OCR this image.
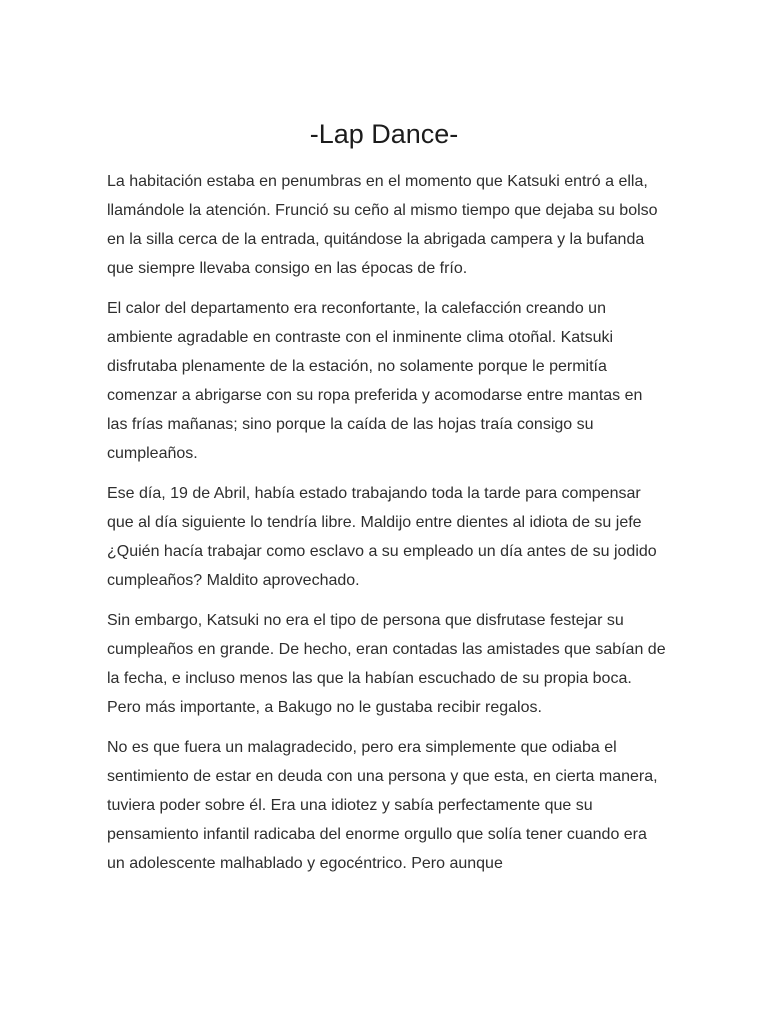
-Lap Dance-

La habitación estaba en penumbras en el momento que Katsuki entró a ella, llamándole la atención. Frunció su ceño al mismo tiempo que dejaba su bolso en la silla cerca de la entrada, quitándose la abrigada campera y la bufanda que siempre llevaba consigo en las épocas de frío.

El calor del departamento era reconfortante, la calefacción creando un ambiente agradable en contraste con el inminente clima otoñal. Katsuki disfrutaba plenamente de la estación, no solamente porque le permitía comenzar a abrigarse con su ropa preferida y acomodarse entre mantas en las frías mañanas; sino porque la caída de las hojas traía consigo su cumpleaños.

Ese día, 19 de Abril, había estado trabajando toda la tarde para compensar que al día siguiente lo tendría libre. Maldijo entre dientes al idiota de su jefe ¿Quién hacía trabajar como esclavo a su empleado un día antes de su jodido cumpleaños? Maldito aprovechado.

Sin embargo, Katsuki no era el tipo de persona que disfrutase festejar su cumpleaños en grande. De hecho, eran contadas las amistades que sabían de la fecha, e incluso menos las que la habían escuchado de su propia boca. Pero más importante, a Bakugo no le gustaba recibir regalos.

No es que fuera un malagradecido, pero era simplemente que odiaba el sentimiento de estar en deuda con una persona y que esta, en cierta manera, tuviera poder sobre él. Era una idiotez y sabía perfectamente que su pensamiento infantil radicaba del enorme orgullo que solía tener cuando era un adolescente malhablado y egocéntrico. Pero aunque
